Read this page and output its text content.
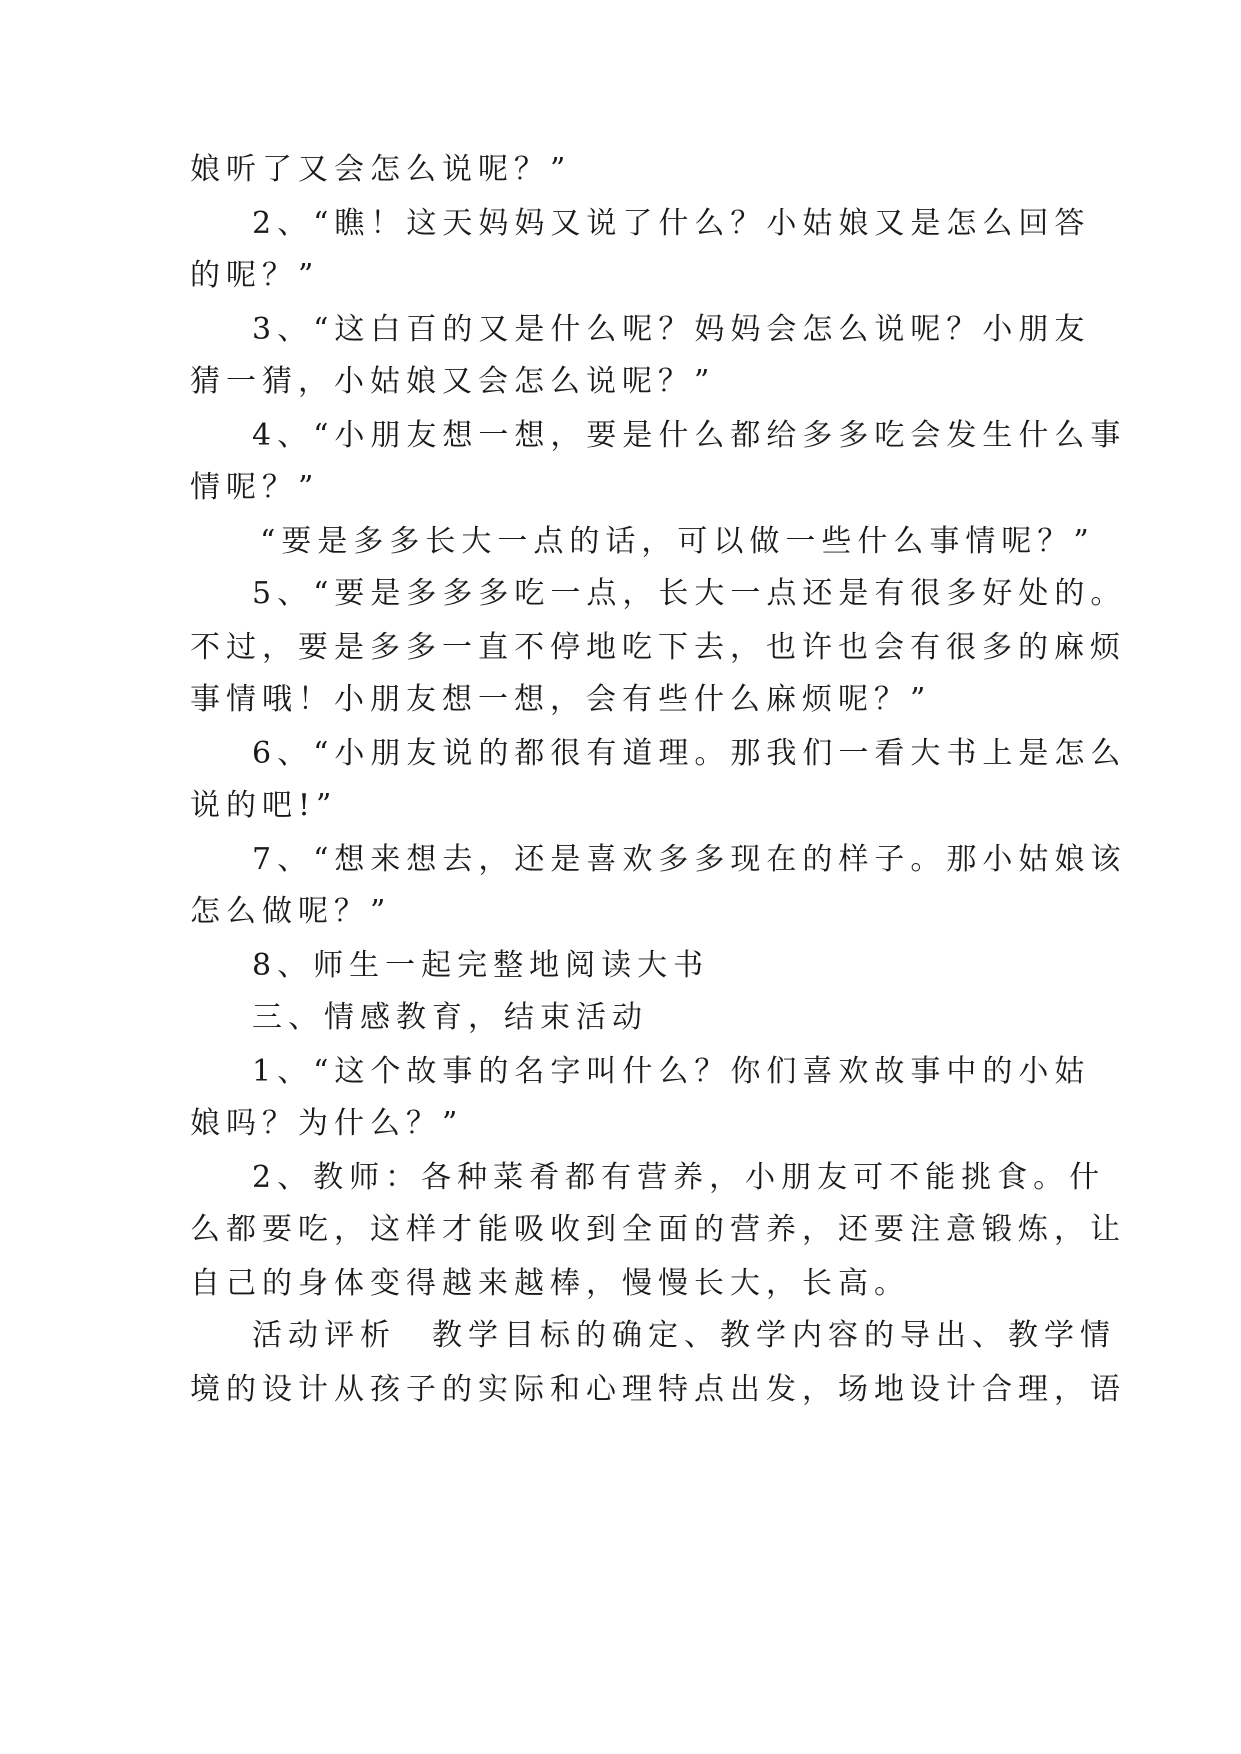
娘听了又会怎么说呢？”
2、“瞧！这天妈妈又说了什么？小姑娘又是怎么回答
的呢？”
3、“这白百的又是什么呢？妈妈会怎么说呢？小朋友
猜一猜，小姑娘又会怎么说呢？”
4、“小朋友想一想，要是什么都给多多吃会发生什么事
情呢？”
“要是多多长大一点的话，可以做一些什么事情呢？”
5、“要是多多多吃一点，长大一点还是有很多好处的。
不过，要是多多一直不停地吃下去，也许也会有很多的麻烦
事情哦！小朋友想一想，会有些什么麻烦呢？”
6、“小朋友说的都很有道理。那我们一看大书上是怎么
说的吧!”
7、“想来想去，还是喜欢多多现在的样子。那小姑娘该
怎么做呢？”
8、师生一起完整地阅读大书
三、情感教育，结束活动
1、“这个故事的名字叫什么？你们喜欢故事中的小姑
娘吗？为什么？”
2、教师：各种菜肴都有营养，小朋友可不能挑食。什
么都要吃，这样才能吸收到全面的营养，还要注意锻炼，让
自己的身体变得越来越棒，慢慢长大，长高。
活动评析　教学目标的确定、教学内容的导出、教学情
境的设计从孩子的实际和心理特点出发，场地设计合理，语
